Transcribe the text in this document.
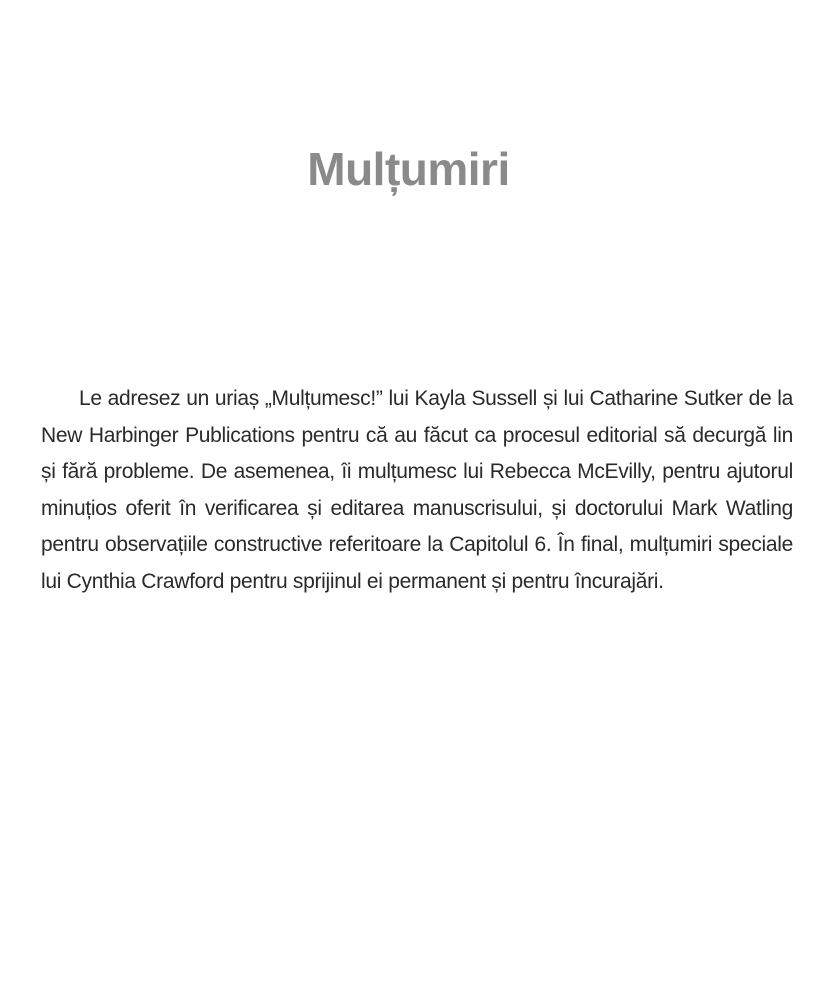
Mulțumiri

Le adresez un uriaș „Mulțumesc!” lui Kayla Sussell și lui Catharine Sutker de la New Harbinger Publications pentru că au făcut ca procesul editorial să decurgă lin și fără probleme. De asemenea, îi mulțumesc lui Rebecca McEvilly, pentru ajutorul minuțios oferit în verificarea și editarea manuscrisului, și doctorului Mark Watling pentru observațiile constructive referitoare la Capitolul 6. În final, mulțumiri speciale lui Cynthia Crawford pentru sprijinul ei permanent și pentru încurajări.
